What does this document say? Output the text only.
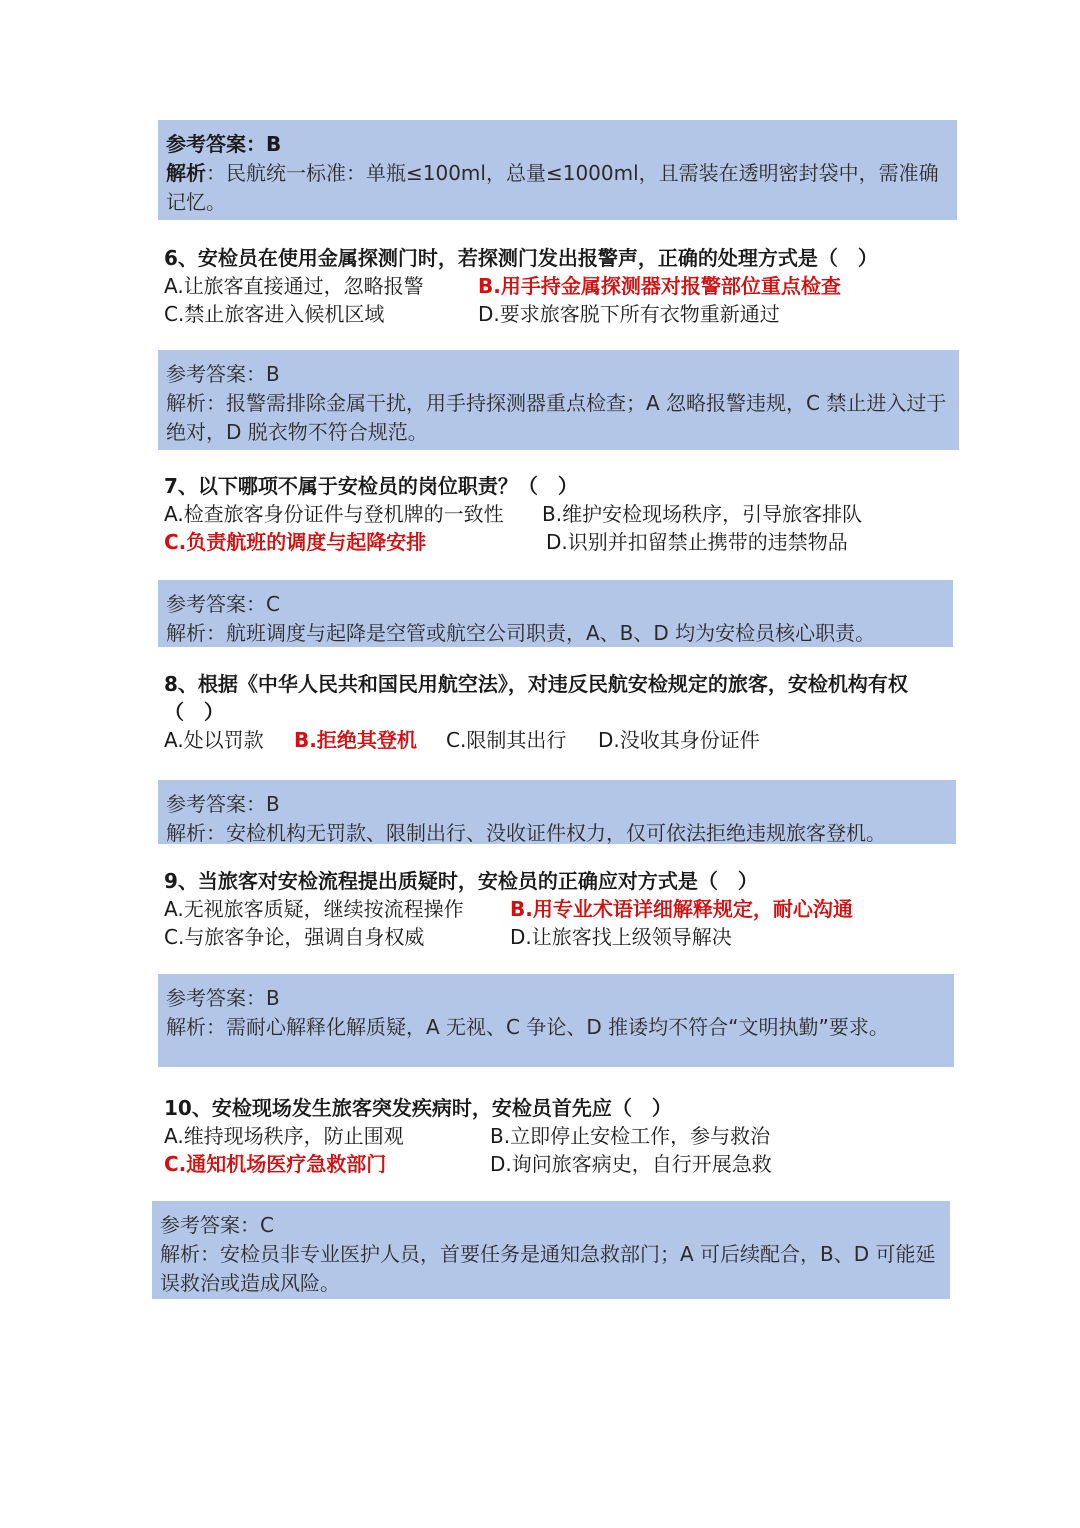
参考答案：B
解析：民航统一标准：单瓶≤100ml，总量≤1000ml，且需装在透明密封袋中，需准确记忆。
6、安检员在使用金属探测门时，若探测门发出报警声，正确的处理方式是（　）
A.让旅客直接通过，忽略报警	B.用手持金属探测器对报警部位重点检查
C.禁止旅客进入候机区域	D.要求旅客脱下所有衣物重新通过
参考答案：B
解析：报警需排除金属干扰，用手持探测器重点检查；A 忽略报警违规，C 禁止进入过于绝对，D 脱衣物不符合规范。
7、以下哪项不属于安检员的岗位职责？（　）
A.检查旅客身份证件与登机牌的一致性 B.维护安检现场秩序，引导旅客排队
C.负责航班的调度与起降安排	D.识别并扣留禁止携带的违禁物品
参考答案：C
解析：航班调度与起降是空管或航空公司职责，A、B、D 均为安检员核心职责。
8、根据《中华人民共和国民用航空法》，对违反民航安检规定的旅客，安检机构有权（　）
A.处以罚款 B.拒绝其登机 C.限制其出行 D.没收其身份证件
参考答案：B
解析：安检机构无罚款、限制出行、没收证件权力，仅可依法拒绝违规旅客登机。
9、当旅客对安检流程提出质疑时，安检员的正确应对方式是（　）
A.无视旅客质疑，继续按流程操作 B.用专业术语详细解释规定，耐心沟通
C.与旅客争论，强调自身权威	D.让旅客找上级领导解决
参考答案：B
解析：需耐心解释化解质疑，A 无视、C 争论、D 推诿均不符合“文明执勤”要求。
10、安检现场发生旅客突发疾病时，安检员首先应（　）
A.维持现场秩序，防止围观	B.立即停止安检工作，参与救治
C.通知机场医疗急救部门	D.询问旅客病史，自行开展急救
参考答案：C
解析：安检员非专业医护人员，首要任务是通知急救部门；A 可后续配合，B、D 可能延误救治或造成风险。
